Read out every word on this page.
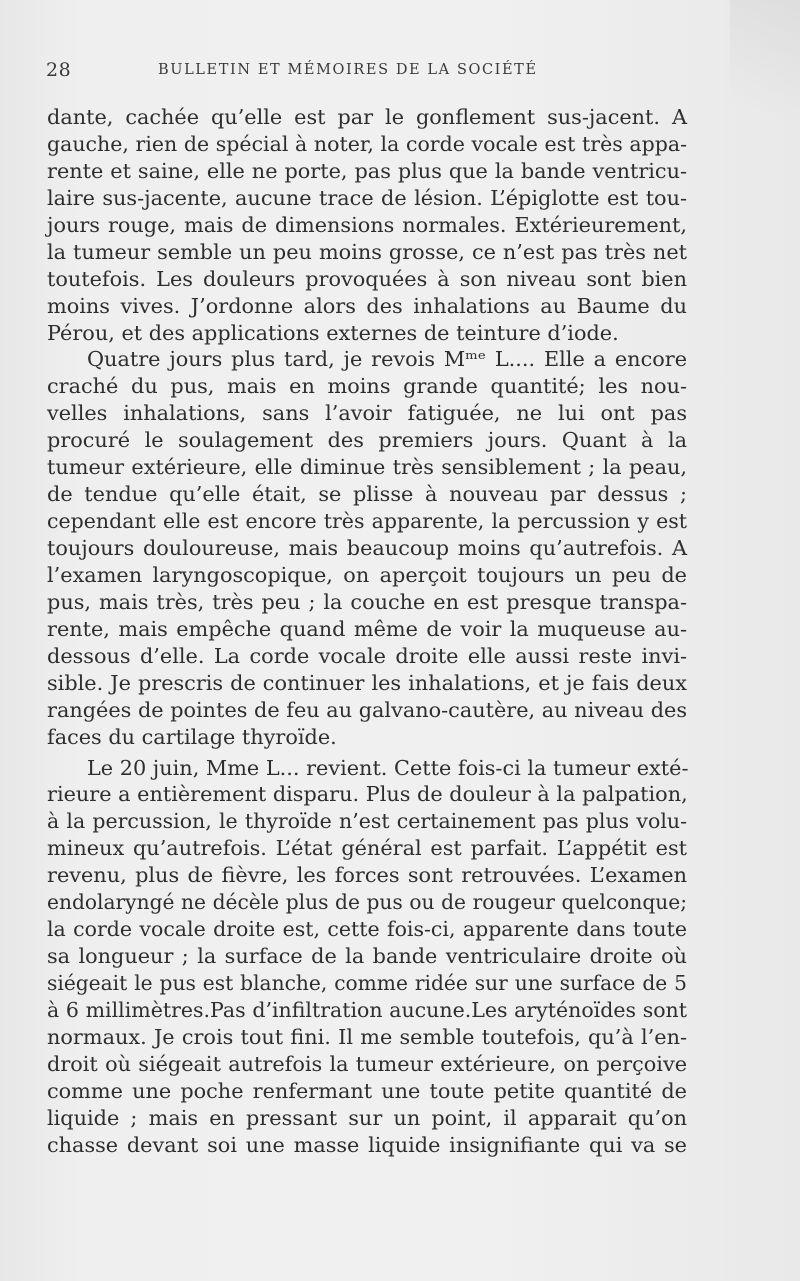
28	BULLETIN ET MÉMOIRES DE LA SOCIÉTÉ
dante, cachée qu’elle est par le gonflement sus-jacent. A
gauche, rien de spécial à noter, la corde vocale est très appa-
rente et saine, elle ne porte, pas plus que la bande ventricu-
laire sus-jacente, aucune trace de lésion. L’épiglotte est tou-
jours rouge, mais de dimensions normales. Extérieurement,
la tumeur semble un peu moins grosse, ce n’est pas très net
toutefois. Les douleurs provoquées à son niveau sont bien
moins vives. J’ordonne alors des inhalations au Baume du
Pérou, et des applications externes de teinture d’iode.
Quatre jours plus tard, je revois Mᵐᵉ L.... Elle a encore
craché du pus, mais en moins grande quantité; les nou-
velles inhalations, sans l’avoir fatiguée, ne lui ont pas
procuré le soulagement des premiers jours. Quant à la
tumeur extérieure, elle diminue très sensiblement ; la peau,
de tendue qu’elle était, se plisse à nouveau par dessus ;
cependant elle est encore très apparente, la percussion y est
toujours douloureuse, mais beaucoup moins qu’autrefois. A
l’examen laryngoscopique, on aperçoit toujours un peu de
pus, mais très, très peu ; la couche en est presque transpa-
rente, mais empêche quand même de voir la muqueuse au-
dessous d’elle. La corde vocale droite elle aussi reste invi-
sible. Je prescris de continuer les inhalations, et je fais deux
rangées de pointes de feu au galvano-cautère, au niveau des
faces du cartilage thyroïde.
Le 20 juin, Mme L... revient. Cette fois-ci la tumeur exté-
rieure a entièrement disparu. Plus de douleur à la palpation,
à la percussion, le thyroïde n’est certainement pas plus volu-
mineux qu’autrefois. L’état général est parfait. L’appétit est
revenu, plus de fièvre, les forces sont retrouvées. L’examen
endolaryngé ne décèle plus de pus ou de rougeur quelconque;
la corde vocale droite est, cette fois-ci, apparente dans toute
sa longueur ; la surface de la bande ventriculaire droite où
siégeait le pus est blanche, comme ridée sur une surface de 5
à 6 millimètres.Pas d’infiltration aucune.Les aryténoïdes sont
normaux. Je crois tout fini. Il me semble toutefois, qu’à l’en-
droit où siégeait autrefois la tumeur extérieure, on perçoive
comme une poche renfermant une toute petite quantité de
liquide ; mais en pressant sur un point, il apparait qu’on
chasse devant soi une masse liquide insignifiante qui va se
